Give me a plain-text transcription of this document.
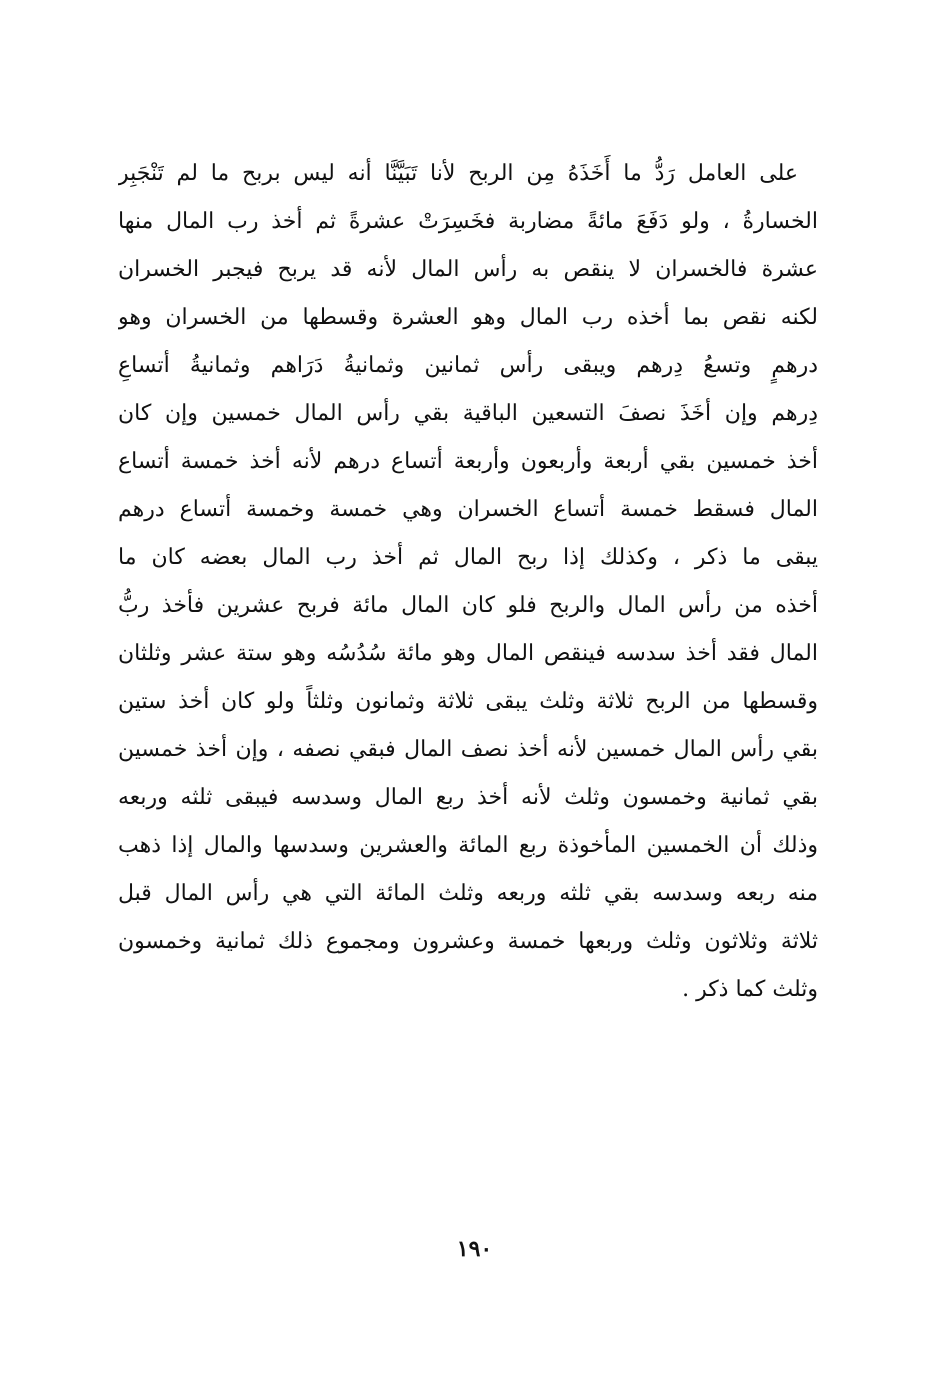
على العامل رَدُّ ما أَخَذَهُ مِن الربح لأنا تَبَيَّنَّا أنه ليس بربح ما لم تَنْجَبِر
الخسارةُ ، ولو دَفَعَ مائةً مضاربة فخَسِرَتْ عشرةً ثم أخذ رب المال منها
عشرة فالخسران لا ينقص به رأس المال لأنه قد يربح فيجبر الخسران
لكنه نقص بما أخذه رب المال وهو العشرة وقسطها من الخسران وهو
درهمٍ وتسعُ دِرهم ويبقى رأس ثمانين وثمانيةُ دَرَاهم وثمانيةُ أتساعِ
دِرهم وإن أخَذَ نصفَ التسعين الباقية بقي رأس المال خمسين وإن كان
أخذ خمسين بقي أربعة وأربعون وأربعة أتساع درهم لأنه أخذ خمسة أتساع
المال فسقط خمسة أتساع الخسران وهي خمسة وخمسة أتساع درهم
يبقى ما ذكر ، وكذلك إذا ربح المال ثم أخذ رب المال بعضه كان ما
أخذه من رأس المال والربح فلو كان المال مائة فربح عشرين فأخذ ربُّ
المال فقد أخذ سدسه فينقص المال وهو مائة سُدُسُه وهو ستة عشر وثلثان
وقسطها من الربح ثلاثة وثلث يبقى ثلاثة وثمانون وثلثاً ولو كان أخذ ستين
بقي رأس المال خمسين لأنه أخذ نصف المال فبقي نصفه ، وإن أخذ خمسين
بقي ثمانية وخمسون وثلث لأنه أخذ ربع المال وسدسه فيبقى ثلثه وربعه
وذلك أن الخمسين المأخوذة ربع المائة والعشرين وسدسها والمال إذا ذهب
منه ربعه وسدسه بقي ثلثه وربعه وثلث المائة التي هي رأس المال قبل
ثلاثة وثلاثون وثلث وربعها خمسة وعشرون ومجموع ذلك ثمانية وخمسون
وثلث كما ذكر .
١٩٠
